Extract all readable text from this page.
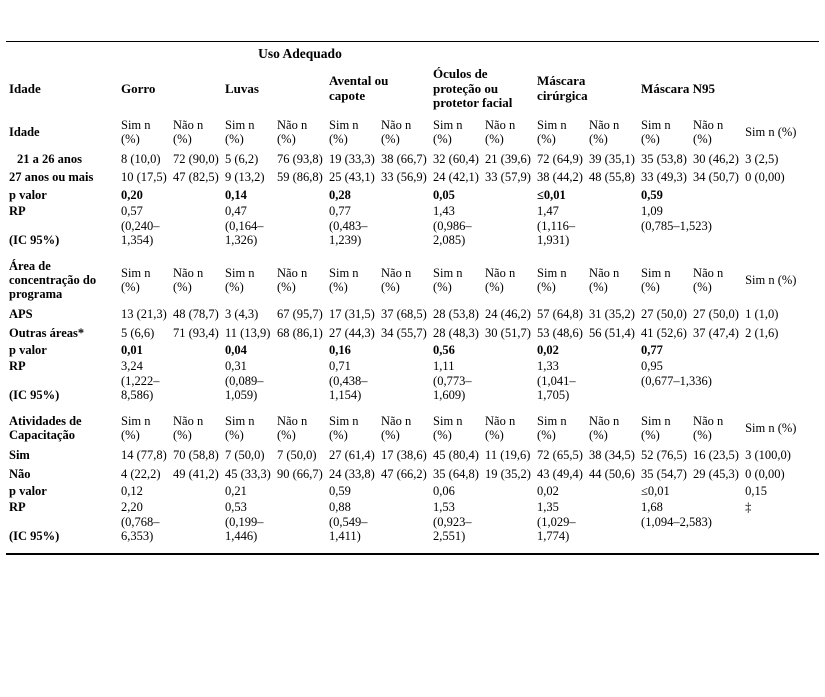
Uso Adequado
Idade	Gorro		Luvas		Avental ou capote		Óculos de proteção ou protetor facial		Máscara cirúrgica		Máscara N95		
Idade	Sim n (%)	Não n (%)	Sim n (%)	Não n (%)	Sim n (%)	Não n (%)	Sim n (%)	Não n (%)	Sim n (%)	Não n (%)	Sim n (%)	Não n (%)	Sim n (%)
21 a 26 anos	8 (10,0)	72 (90,0)	5 (6,2)	76 (93,8)	19 (33,3)	38 (66,7)	32 (60,4)	21 (39,6)	72 (64,9)	39 (35,1)	35 (53,8)	30 (46,2)	3 (2,5)
27 anos ou mais	10 (17,5)	47 (82,5)	9 (13,2)	59 (86,8)	25 (43,1)	33 (56,9)	24 (42,1)	33 (57,9)	38 (44,2)	48 (55,8)	33 (49,3)	34 (50,7)	0 (0,00)
p valor	0,20		0,14		0,28		0,05		≤0,01		0,59		
RP	0,57		0,47		0,77		1,43		1,47		1,09		
(IC 95%)	(0,240–1,354)		(0,164–1,326)		(0,483–1,239)		(0,986–2,085)		(1,116–1,931)		(0,785–1,523)		
Área de concentração do programa	Sim n (%)	Não n (%)	Sim n (%)	Não n (%)	Sim n (%)	Não n (%)	Sim n (%)	Não n (%)	Sim n (%)	Não n (%)	Sim n (%)	Não n (%)	Sim n (%)
APS	13 (21,3)	48 (78,7)	3 (4,3)	67 (95,7)	17 (31,5)	37 (68,5)	28 (53,8)	24 (46,2)	57 (64,8)	31 (35,2)	27 (50,0)	27 (50,0)	1 (1,0)
Outras áreas*	5 (6,6)	71 (93,4)	11 (13,9)	68 (86,1)	27 (44,3)	34 (55,7)	28 (48,3)	30 (51,7)	53 (48,6)	56 (51,4)	41 (52,6)	37 (47,4)	2 (1,6)
p valor	0,01		0,04		0,16		0,56		0,02		0,77		
RP	3,24		0,31		0,71		1,11		1,33		0,95		
(IC 95%)	(1,222–8,586)		(0,089–1,059)		(0,438–1,154)		(0,773–1,609)		(1,041–1,705)		(0,677–1,336)		
Atividades de Capacitação	Sim n (%)	Não n (%)	Sim n (%)	Não n (%)	Sim n (%)	Não n (%)	Sim n (%)	Não n (%)	Sim n (%)	Não n (%)	Sim n (%)	Não n (%)	Sim n (%)
Sim	14 (77,8)	70 (58,8)	7 (50,0)	7 (50,0)	27 (61,4)	17 (38,6)	45 (80,4)	11 (19,6)	72 (65,5)	38 (34,5)	52 (76,5)	16 (23,5)	3 (100,0)
Não	4 (22,2)	49 (41,2)	45 (33,3)	90 (66,7)	24 (33,8)	47 (66,2)	35 (64,8)	19 (35,2)	43 (49,4)	44 (50,6)	35 (54,7)	29 (45,3)	0 (0,00)
p valor	0,12		0,21		0,59		0,06		0,02		≤0,01		0,15
RP	2,20		0,53		0,88		1,53		1,35		1,68		‡
(IC 95%)	(0,768–6,353)		(0,199–1,446)		(0,549–1,411)		(0,923–2,551)		(1,029–1,774)		(1,094–2,583)		
